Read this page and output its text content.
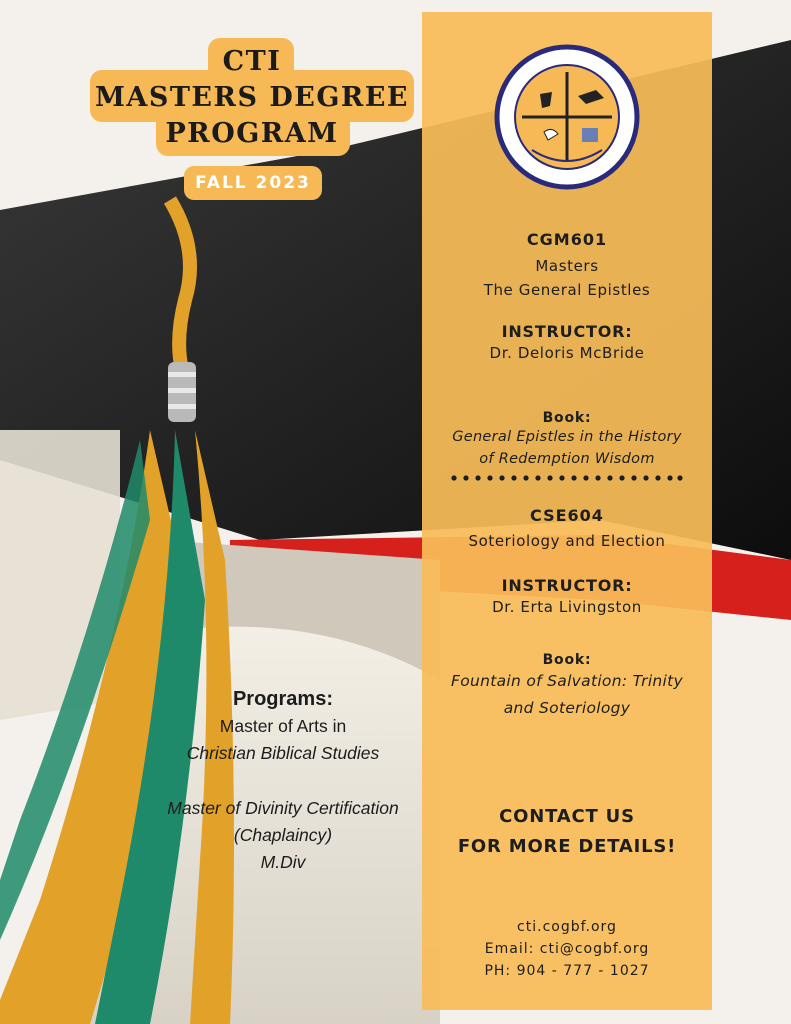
CTI
MASTERS DEGREE
PROGRAM
FALL 2023
CGM601
Masters
The General Epistles
INSTRUCTOR:
Dr. Deloris McBride
Book:
General Epistles in the History
of Redemption Wisdom
CSE604
Soteriology and Election
INSTRUCTOR:
Dr. Erta Livingston
Book:
Fountain of Salvation: Trinity
and Soteriology
CONTACT US
FOR MORE DETAILS!
cti.cogbf.org
Email: cti@cogbf.org
PH: 904 - 777 - 1027
Programs:
Master of Arts in
Christian Biblical Studies
Master of Divinity Certification
(Chaplaincy)
M.Div
